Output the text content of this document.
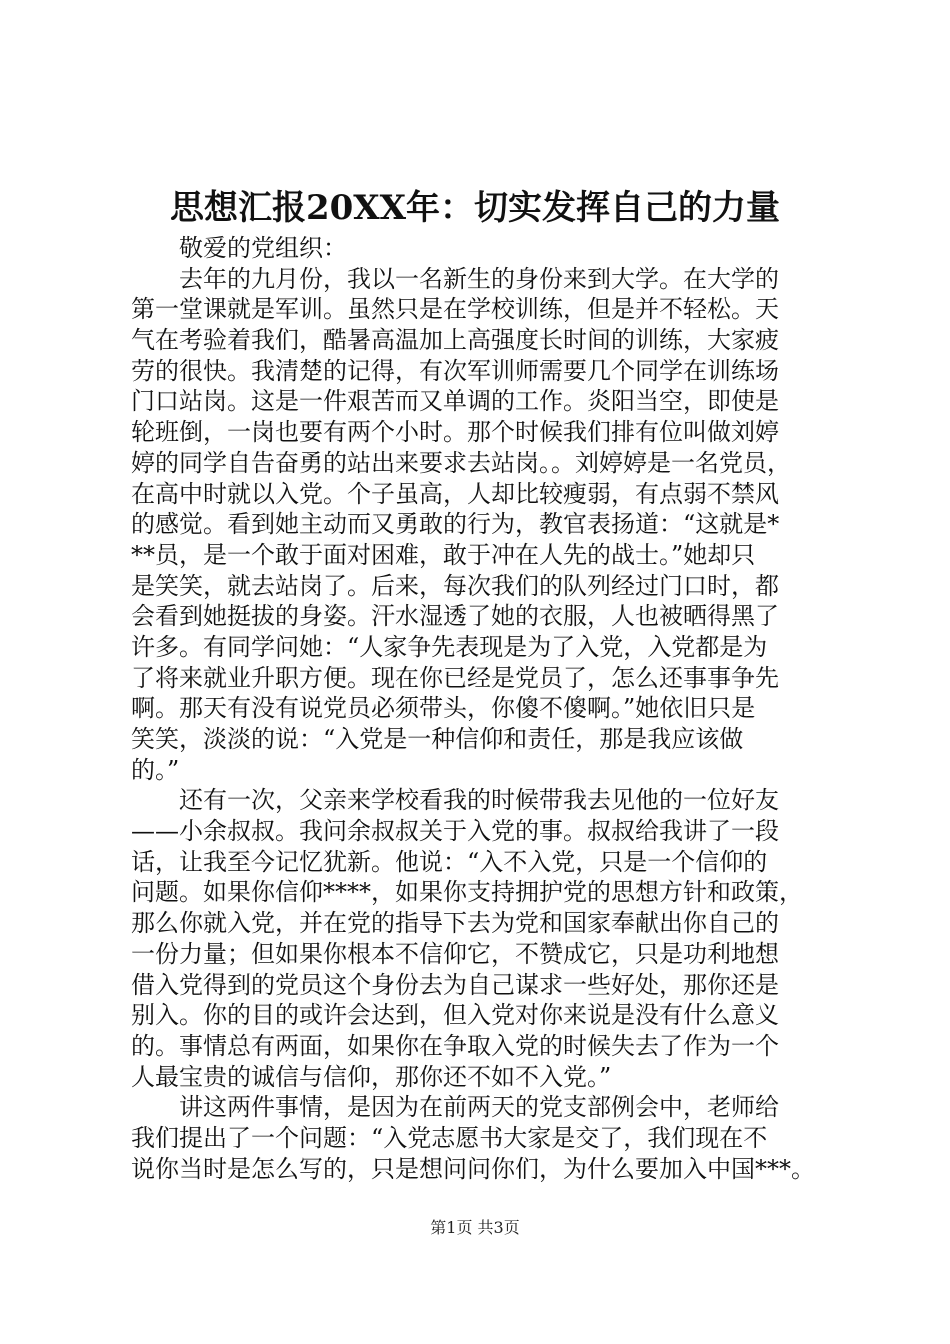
思想汇报20XX年：切实发挥自己的力量
敬爱的党组织：
去年的九月份，我以一名新生的身份来到大学。在大学的
第一堂课就是军训。虽然只是在学校训练，但是并不轻松。天
气在考验着我们，酷暑高温加上高强度长时间的训练，大家疲
劳的很快。我清楚的记得，有次军训师需要几个同学在训练场
门口站岗。这是一件艰苦而又单调的工作。炎阳当空，即使是
轮班倒，一岗也要有两个小时。那个时候我们排有位叫做刘婷
婷的同学自告奋勇的站出来要求去站岗。。刘婷婷是一名党员，
在高中时就以入党。个子虽高，人却比较瘦弱，有点弱不禁风
的感觉。看到她主动而又勇敢的行为，教官表扬道：“这就是*
**员，是一个敢于面对困难，敢于冲在人先的战士。”她却只
是笑笑，就去站岗了。后来，每次我们的队列经过门口时，都
会看到她挺拔的身姿。汗水湿透了她的衣服，人也被晒得黑了
许多。有同学问她：“人家争先表现是为了入党，入党都是为
了将来就业升职方便。现在你已经是党员了，怎么还事事争先
啊。那天有没有说党员必须带头，你傻不傻啊。”她依旧只是
笑笑，淡淡的说：“入党是一种信仰和责任，那是我应该做
的。”
还有一次，父亲来学校看我的时候带我去见他的一位好友
——小余叔叔。我问余叔叔关于入党的事。叔叔给我讲了一段
话，让我至今记忆犹新。他说：“入不入党，只是一个信仰的
问题。如果你信仰****，如果你支持拥护党的思想方针和政策，
那么你就入党，并在党的指导下去为党和国家奉献出你自己的
一份力量；但如果你根本不信仰它，不赞成它，只是功利地想
借入党得到的党员这个身份去为自己谋求一些好处，那你还是
别入。你的目的或许会达到，但入党对你来说是没有什么意义
的。事情总有两面，如果你在争取入党的时候失去了作为一个
人最宝贵的诚信与信仰，那你还不如不入党。”
讲这两件事情，是因为在前两天的党支部例会中，老师给
我们提出了一个问题：“入党志愿书大家是交了，我们现在不
说你当时是怎么写的，只是想问问你们，为什么要加入中国***。
第1页 共3页
